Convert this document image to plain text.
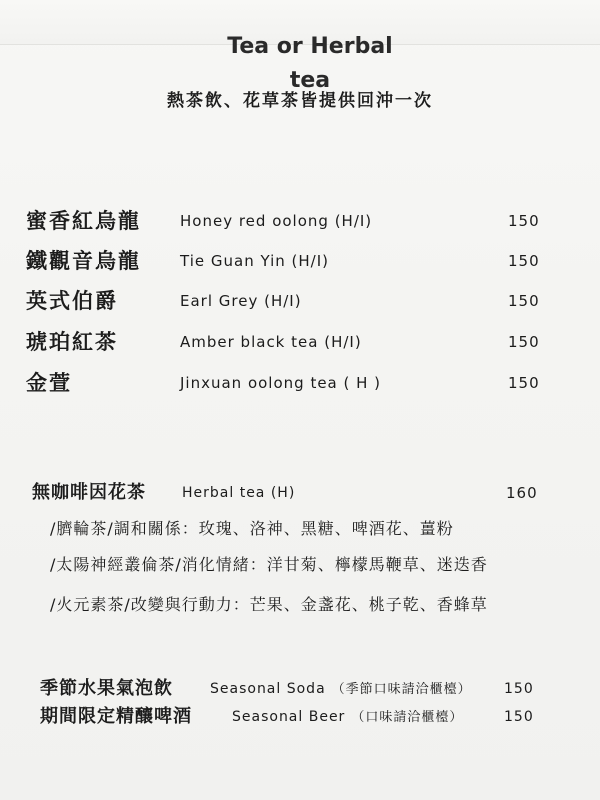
Tea or Herbal tea
熱茶飲、花草茶皆提供回沖一次
蜜香紅烏龍	Honey red oolong (H/I)	150
鐵觀音烏龍	Tie Guan Yin (H/I)	150
英式伯爵	Earl Grey (H/I)	150
琥珀紅茶	Amber black tea (H/I)	150
金萱	Jinxuan oolong tea ( H )	150
無咖啡因花茶	Herbal tea (H)	160
/臍輪茶/調和關係：玫瑰、洛神、黑糖、啤酒花、薑粉
/太陽神經叢倫茶/消化情緒：洋甘菊、檸檬馬鞭草、迷迭香
/火元素茶/改變與行動力：芒果、金盞花、桃子乾、香蜂草
季節水果氣泡飲	Seasonal Soda （季節口味請洽櫃檯） 150
期間限定精釀啤酒	Seasonal Beer （口味請洽櫃檯）	150
